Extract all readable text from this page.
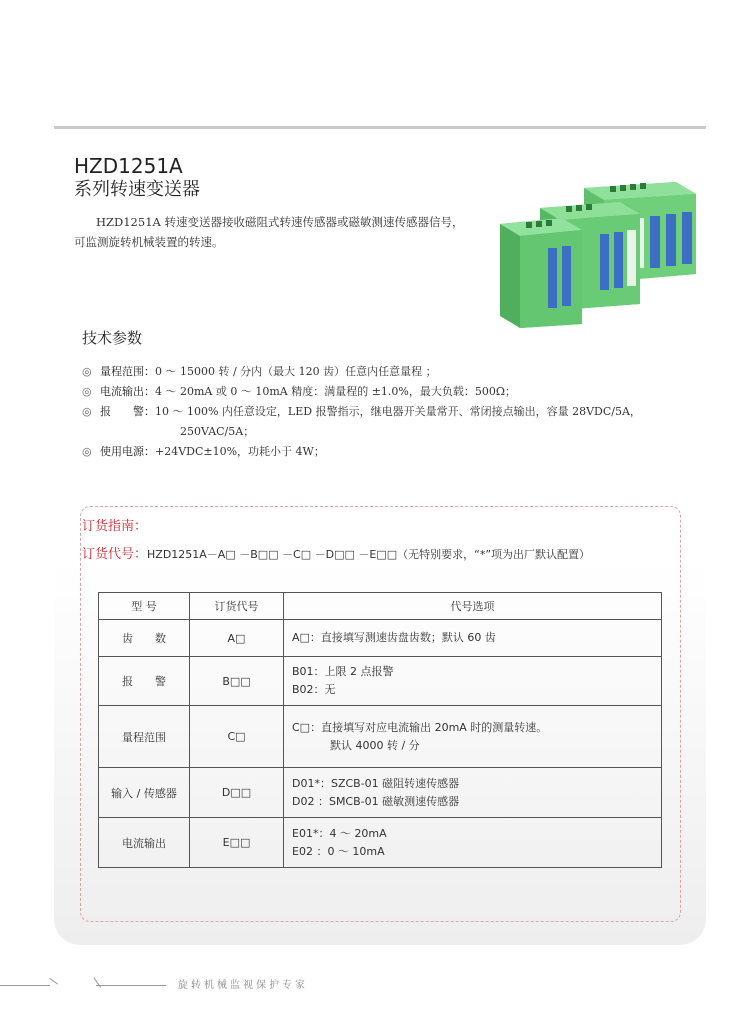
HZD1251A
系列转速变送器

HZD1251A 转速变送器接收磁阻式转速传感器或磁敏测速传感器信号，可监测旋转机械装置的转速。

技术参数
◎ 量程范围：0 ～ 15000 转 / 分内（最大 120 齿）任意内任意量程 ；
◎ 电流输出：4 ～ 20mA 或 0 ～ 10mA 精度：满量程的 ±1.0%，最大负载：500Ω；
◎ 报　　警：10 ～ 100% 内任意设定，LED 报警指示，继电器开关量常开、常闭接点输出，容量 28VDC/5A，
250VAC/5A；
◎ 使用电源：+24VDC±10%，功耗小于 4W；
订货指南：
订货代号：HZD1251A－A□ －B□□ －C□ －D□□ －E□□（无特别要求，“*”项为出厂默认配置）
型 号	订货代号	代号选项
齿　　数	A□	A□：直接填写测速齿盘齿数；默认 60 齿
报　　警	B□□	B01：上限 2 点报警
B02：无
量程范围	C□	C□：直接填写对应电流输出 20mA 时的测量转速。

默认 4000 转 / 分

输入 / 传感器	D□□	D01*：SZCB-01 磁阻转速传感器
D02 ：SMCB-01 磁敏测速传感器
电流输出	E□□	E01*：4 ～ 20mA
E02 ：0 ～ 10mA
旋转机械监视保护专家
